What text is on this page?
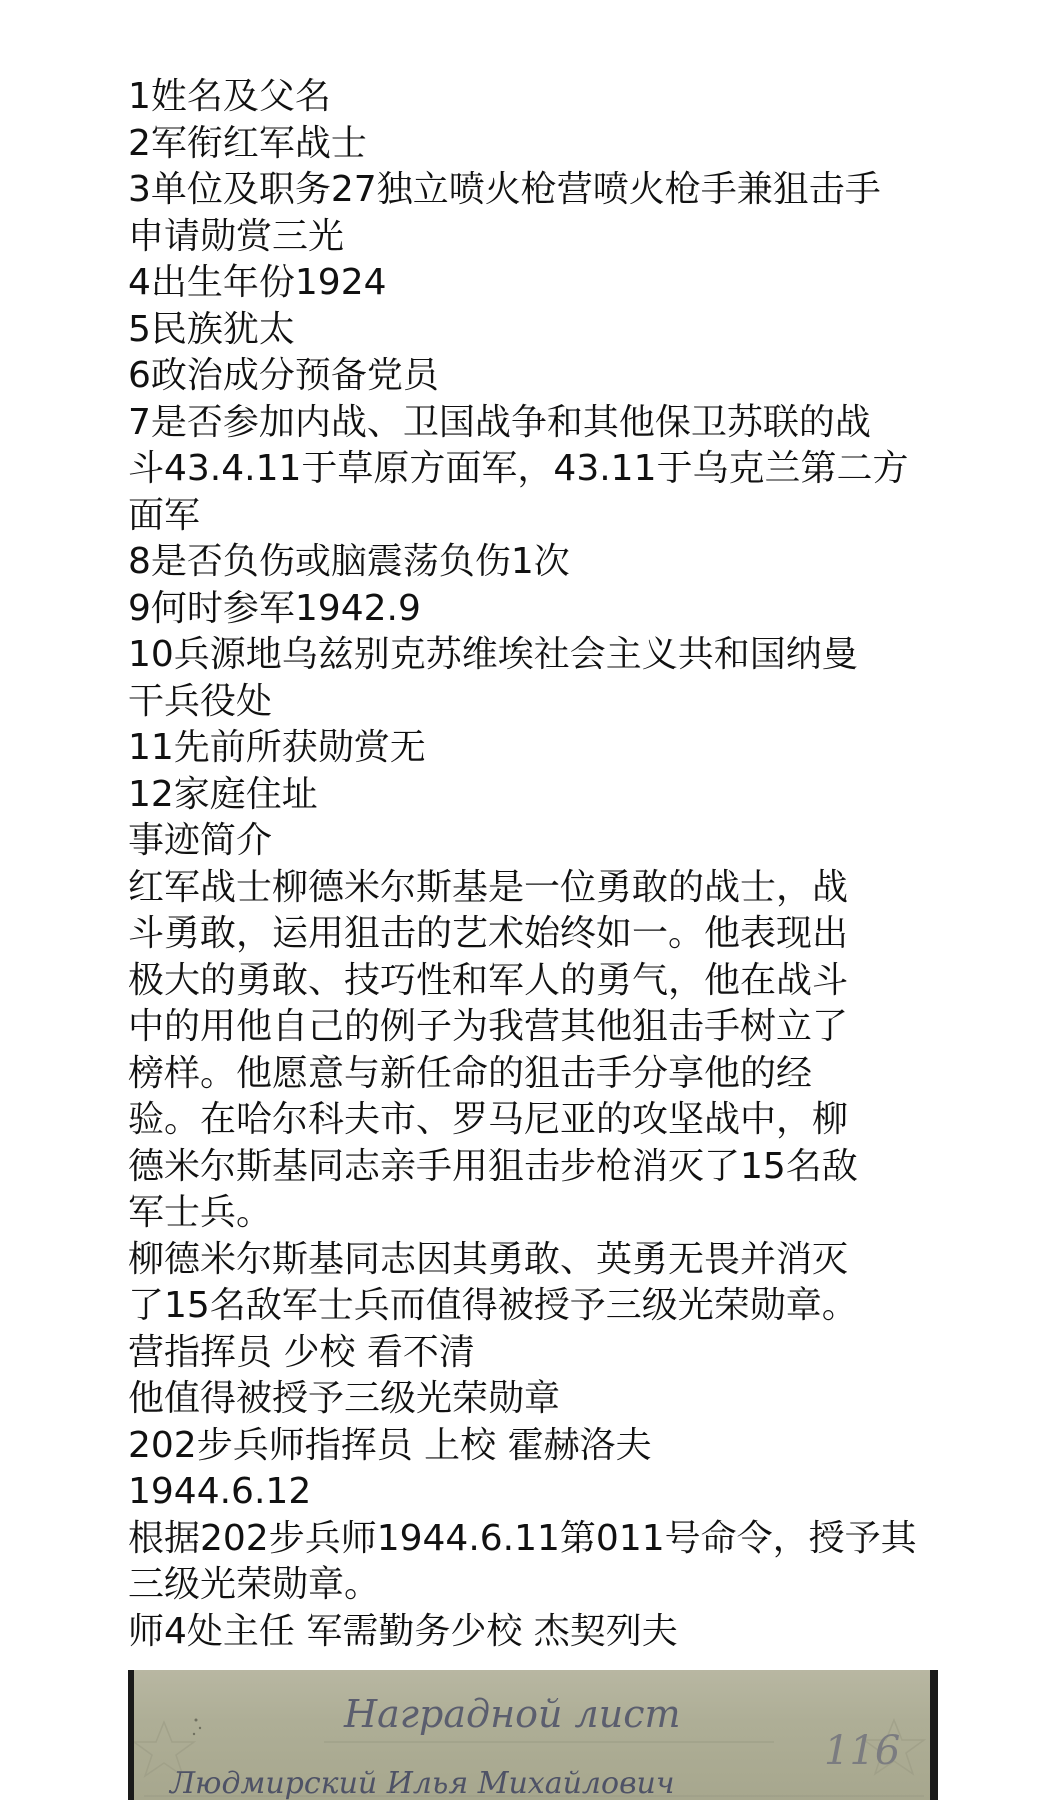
1姓名及父名

2军衔红军战士

3单位及职务27独立喷火枪营喷火枪手兼狙击手

申请勋赏三光

4出生年份1924

5民族犹太

6政治成分预备党员

7是否参加内战、卫国战争和其他保卫苏联的战

斗43.4.11于草原方面军，43.11于乌克兰第二方

面军

8是否负伤或脑震荡负伤1次

9何时参军1942.9

10兵源地乌兹别克苏维埃社会主义共和国纳曼

干兵役处

11先前所获勋赏无

12家庭住址

事迹简介

红军战士柳德米尔斯基是一位勇敢的战士，战

斗勇敢，运用狙击的艺术始终如一。他表现出

极大的勇敢、技巧性和军人的勇气，他在战斗

中的用他自己的例子为我营其他狙击手树立了

榜样。他愿意与新任命的狙击手分享他的经

验。在哈尔科夫市、罗马尼亚的攻坚战中，柳

德米尔斯基同志亲手用狙击步枪消灭了15名敌

军士兵。

柳德米尔斯基同志因其勇敢、英勇无畏并消灭

了15名敌军士兵而值得被授予三级光荣勋章。

营指挥员 少校 看不清

他值得被授予三级光荣勋章

202步兵师指挥员 上校 霍赫洛夫

1944.6.12

根据202步兵师1944.6.11第011号命令，授予其

三级光荣勋章。

师4处主任 军需勤务少校 杰契列夫

Наградной лист
116
Людмирский Илья Михайлович
